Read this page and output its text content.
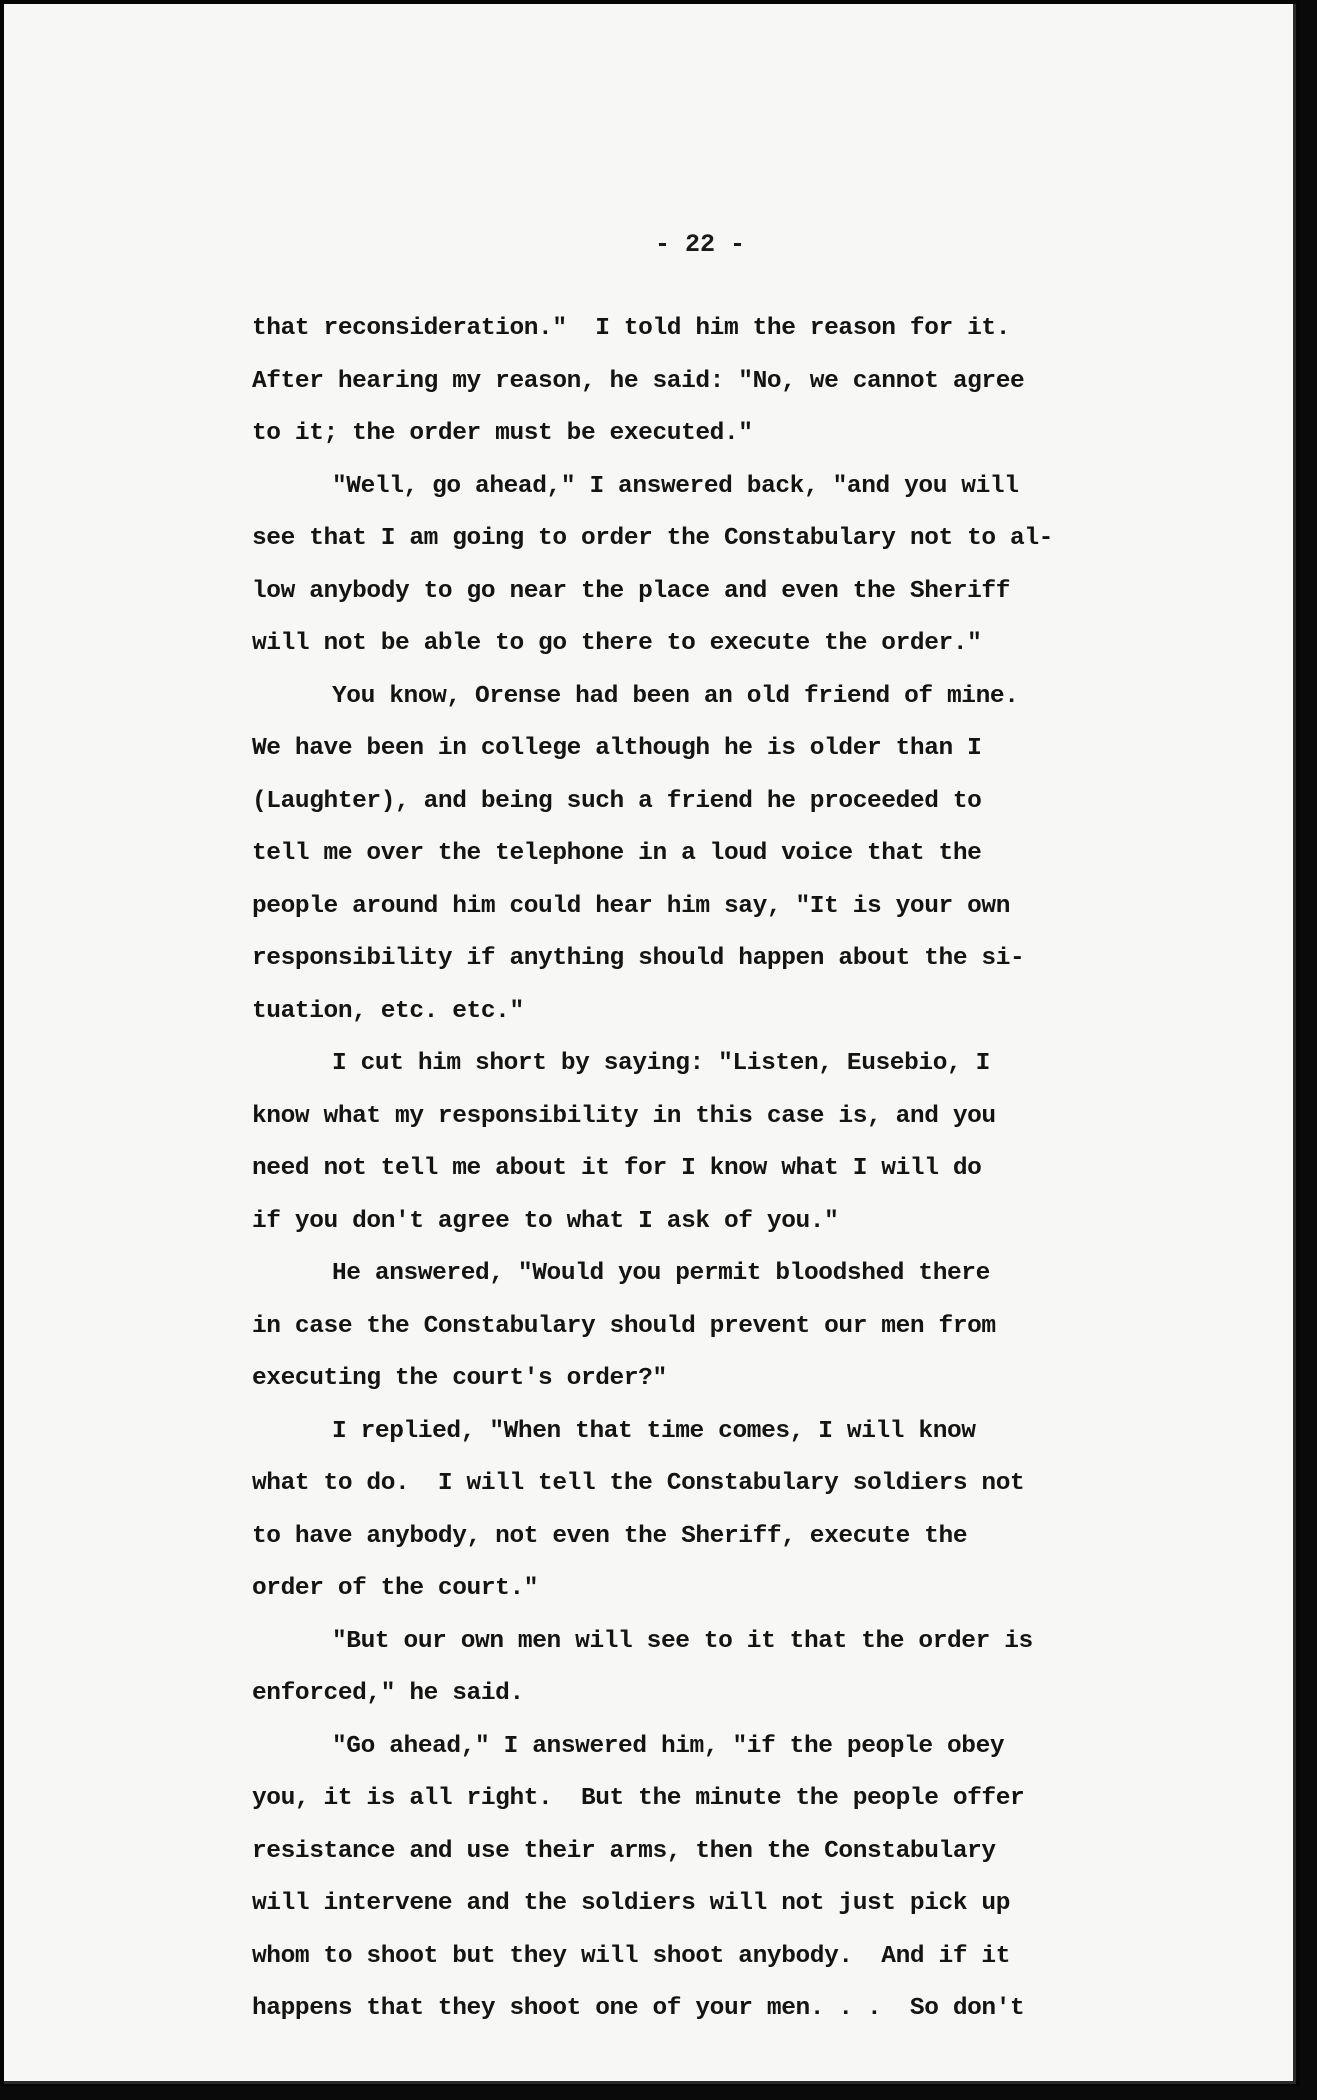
- 22 -
that reconsideration."  I told him the reason for it.
After hearing my reason, he said: "No, we cannot agree
to it; the order must be executed."
"Well, go ahead," I answered back, "and you will
see that I am going to order the Constabulary not to al-
low anybody to go near the place and even the Sheriff
will not be able to go there to execute the order."
You know, Orense had been an old friend of mine.
We have been in college although he is older than I
(Laughter), and being such a friend he proceeded to
tell me over the telephone in a loud voice that the
people around him could hear him say, "It is your own
responsibility if anything should happen about the si-
tuation, etc. etc."
I cut him short by saying: "Listen, Eusebio, I
know what my responsibility in this case is, and you
need not tell me about it for I know what I will do
if you don't agree to what I ask of you."
He answered, "Would you permit bloodshed there
in case the Constabulary should prevent our men from
executing the court's order?"
I replied, "When that time comes, I will know
what to do.  I will tell the Constabulary soldiers not
to have anybody, not even the Sheriff, execute the
order of the court."
"But our own men will see to it that the order is
enforced," he said.
"Go ahead," I answered him, "if the people obey
you, it is all right.  But the minute the people offer
resistance and use their arms, then the Constabulary
will intervene and the soldiers will not just pick up
whom to shoot but they will shoot anybody.  And if it
happens that they shoot one of your men. . .  So don't
